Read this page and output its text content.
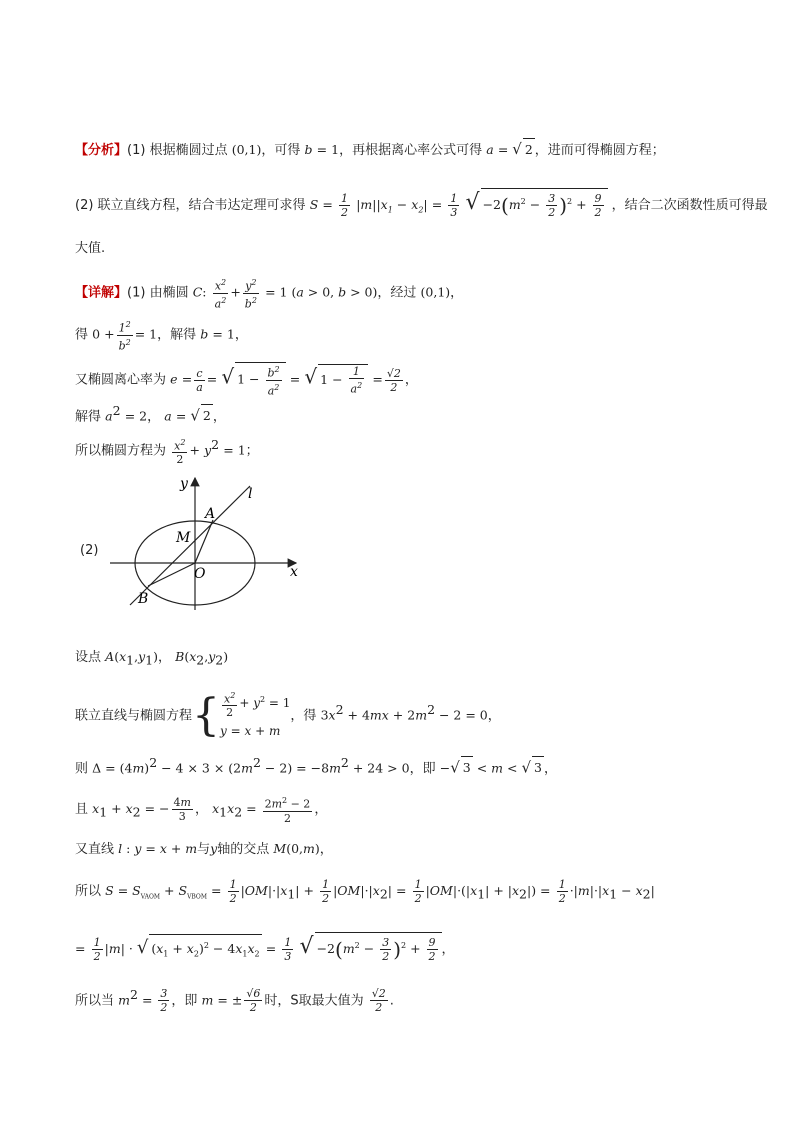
【分析】(1) 根据椭圆过点 (0,1)，可得 b = 1，再根据离心率公式可得 a = √ 2 ，进而可得椭圆方程；
(2) 联立直线方程，结合韦达定理可求得 $S = \frac{1}{2} |m||x_1 - x_2| = \frac{1}{3}$ √ $-2(m^2 - \frac{3}{2} )^2 + \frac{9}{2}$ ，结合二次函数性质可得最
大值.
【详解】(1) 由椭圆 C: $\frac{x^2}{a^2} + \frac{y^2}{b^2} = 1$ (a > 0, b > 0)，经过 (0,1)，
得 $0 + \frac{1^2}{b^2} = 1$，解得 b = 1，
又椭圆离心率为 $e = \frac{c}{a}$ = √ $1 - \frac{b^2}{a^2}$ = √ $1 - \frac{1}{a^2} = \frac{√2}{2}$ ，
解得 $a^2 = 2$， a = √ 2 ，
所以椭圆方程为 $\frac{x^2}{2} + y^2 = 1$；
(2)
y
x
l
A
M
O
B
设点 $A(x_1,y_1)$， $B(x_2,y_2)$
联立直线与椭圆方程{ $\frac{x^2}{2} + y^2 = 1$
y = x + m，得 $3x^2 + 4mx + 2m^2 - 2 = 0$，
则 $\Delta = (4m)^2 - 4 \times 3 \times (2m^2 - 2) = -8m^2 + 24 > 0$，即 −√ 3 < m < √ 3 ，
且 $x_1 + x_2$ = − $\frac{4m}{3}$ ， $x_1x_2 = \frac{2m^2 - 2}{2}$ ，
又直线 l : y = x + m与y轴的交点 M(0,m)，
所以 $S = S_{VAOM} + S_{VBOM} = \frac{1}{2} |OM|\cdot|x_1| + \frac{1}{2} |OM|\cdot|x_2| = \frac{1}{2} |OM|\cdot(|x_1| + |x_2|) = \frac{1}{2} \cdot|m|\cdot|x_1 - x_2|$
= $\frac{1}{2} |m|$ · √ $(x_1 + x_2)^2 - 4x_1x_2 = \frac{1}{3}$ √ $-2(m^2 - \frac{3}{2} )^2 + \frac{9}{2}$ ，
所以当 $m^2 = \frac{3}{2}$ ，即 m = ± $\frac{√6}{2}$ 时，S取最大值为 $\frac{√2}{2}$ .
